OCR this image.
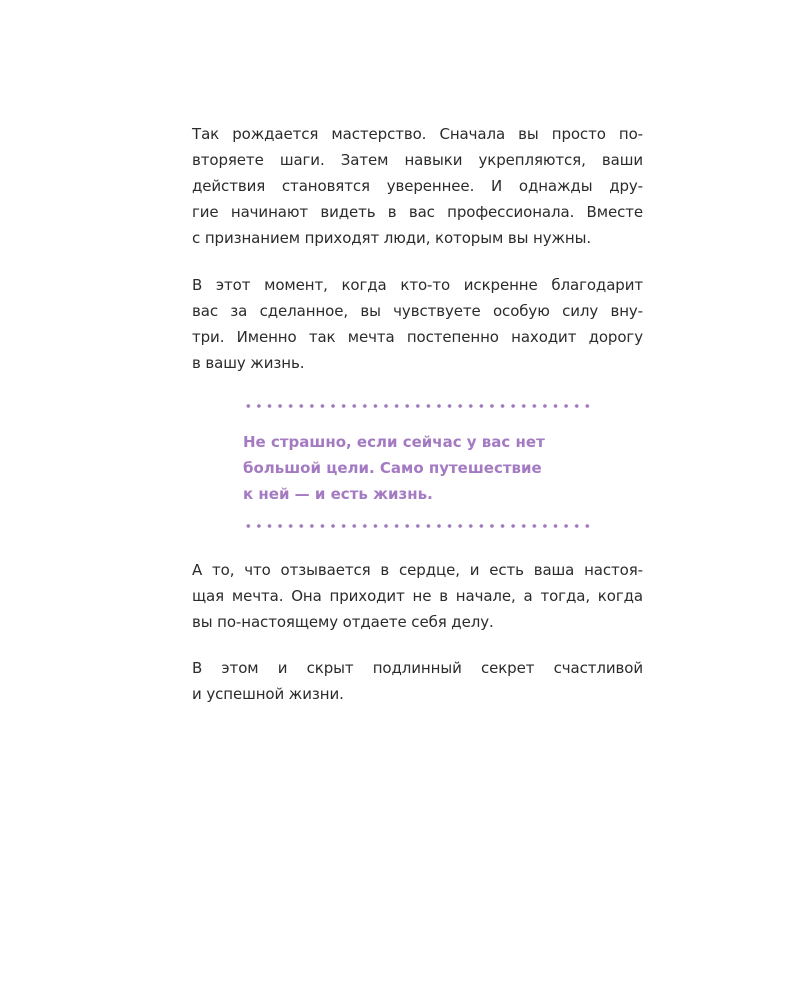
Так рождается мастерство. Сначала вы просто по-
вторяете шаги. Затем навыки укрепляются, ваши
действия становятся увереннее. И однажды дру-
гие начинают видеть в вас профессионала. Вместе
с признанием приходят люди, которым вы нужны.
В этот момент, когда кто-то искренне благодарит
вас за сделанное, вы чувствуете особую силу вну-
три. Именно так мечта постепенно находит дорогу
в вашу жизнь.
Не страшно, если сейчас у вас нет
большой цели. Само путешествие
к ней — и есть жизнь.
А то, что отзывается в сердце, и есть ваша настоя-
щая мечта. Она приходит не в начале, а тогда, когда
вы по-настоящему отдаете себя делу.
В этом и скрыт подлинный секрет счастливой
и успешной жизни.
